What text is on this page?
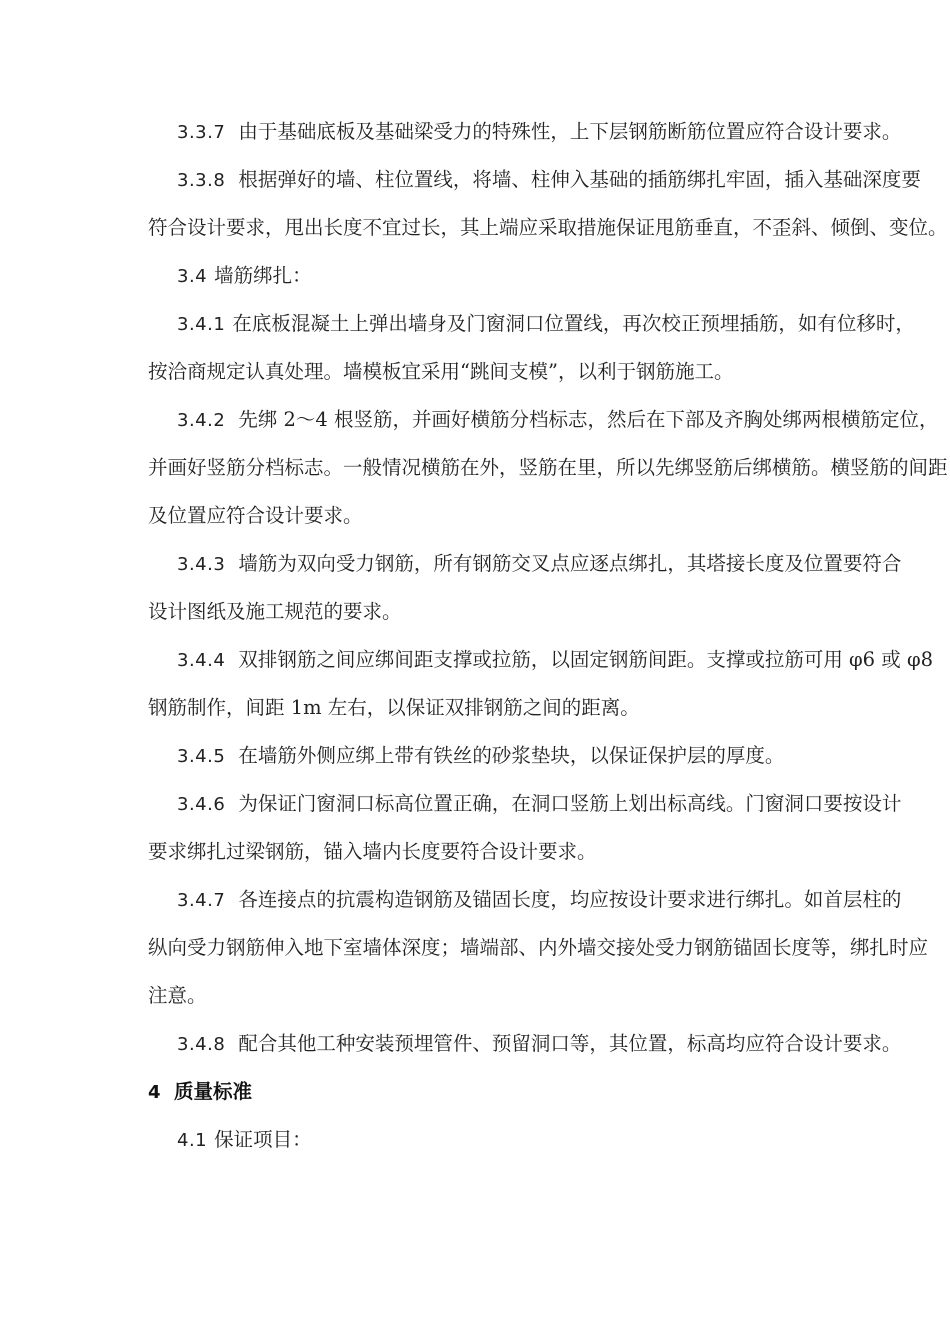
3.3.7 由于基础底板及基础梁受力的特殊性，上下层钢筋断筋位置应符合设计要求。
3.3.8 根据弹好的墙、柱位置线，将墙、柱伸入基础的插筋绑扎牢固，插入基础深度要
符合设计要求，甩出长度不宜过长，其上端应采取措施保证甩筋垂直，不歪斜、倾倒、变位。
3.4 墙筋绑扎：
3.4.1 在底板混凝土上弹出墙身及门窗洞口位置线，再次校正预埋插筋，如有位移时，
按洽商规定认真处理。墙模板宜采用“跳间支模”，以利于钢筋施工。
3.4.2 先绑 2～4 根竖筋，并画好横筋分档标志，然后在下部及齐胸处绑两根横筋定位，
并画好竖筋分档标志。一般情况横筋在外，竖筋在里，所以先绑竖筋后绑横筋。横竖筋的间距
及位置应符合设计要求。
3.4.3 墙筋为双向受力钢筋，所有钢筋交叉点应逐点绑扎，其塔接长度及位置要符合
设计图纸及施工规范的要求。
3.4.4 双排钢筋之间应绑间距支撑或拉筋，以固定钢筋间距。支撑或拉筋可用 φ6 或 φ8
钢筋制作，间距 1m 左右，以保证双排钢筋之间的距离。
3.4.5 在墙筋外侧应绑上带有铁丝的砂浆垫块，以保证保护层的厚度。
3.4.6 为保证门窗洞口标高位置正确，在洞口竖筋上划出标高线。门窗洞口要按设计
要求绑扎过梁钢筋，锚入墙内长度要符合设计要求。
3.4.7 各连接点的抗震构造钢筋及锚固长度，均应按设计要求进行绑扎。如首层柱的
纵向受力钢筋伸入地下室墙体深度；墙端部、内外墙交接处受力钢筋锚固长度等，绑扎时应
注意。
3.4.8 配合其他工种安装预埋管件、预留洞口等，其位置，标高均应符合设计要求。
4 质量标准
4.1 保证项目：
